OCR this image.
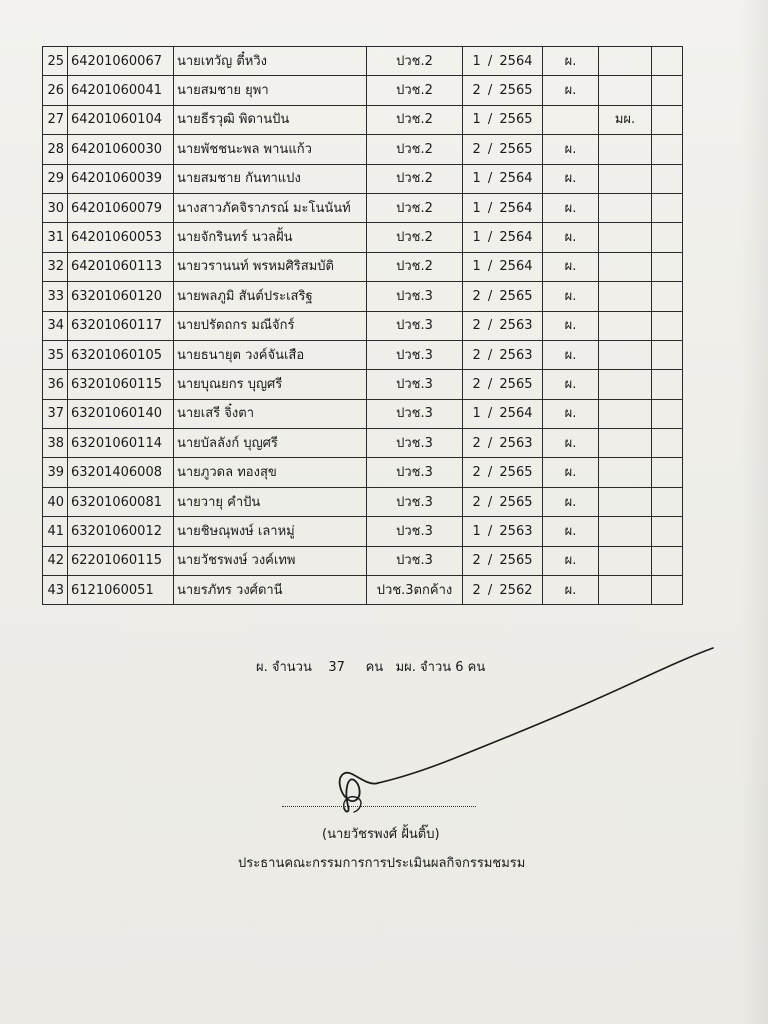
25	64201060067	นายเทวัญ ตี๋หวิง	ปวช.2	1 / 2564	ผ.		
26	64201060041	นายสมชาย ยุพา	ปวช.2	2 / 2565	ผ.		
27	64201060104	นายธีรวุฒิ พิดานปัน	ปวช.2	1 / 2565		มผ.	
28	64201060030	นายพัชชนะพล พานแก้ว	ปวช.2	2 / 2565	ผ.		
29	64201060039	นายสมชาย กันทาแปง	ปวช.2	1 / 2564	ผ.		
30	64201060079	นางสาวภัคจิราภรณ์ มะโนนันท์	ปวช.2	1 / 2564	ผ.		
31	64201060053	นายจักรินทร์ นวลฝั้น	ปวช.2	1 / 2564	ผ.		
32	64201060113	นายวรานนท์ พรหมศิริสมบัติ	ปวช.2	1 / 2564	ผ.		
33	63201060120	นายพลภูมิ สันต์ประเสริฐ	ปวช.3	2 / 2565	ผ.		
34	63201060117	นายปรัตถกร มณีจักร์	ปวช.3	2 / 2563	ผ.		
35	63201060105	นายธนายุต วงค์จันเสือ	ปวช.3	2 / 2563	ผ.		
36	63201060115	นายบุณยกร บุญศรี	ปวช.3	2 / 2565	ผ.		
37	63201060140	นายเสรี จิ๋งตา	ปวช.3	1 / 2564	ผ.		
38	63201060114	นายบัลลังก์ บุญศรี	ปวช.3	2 / 2563	ผ.		
39	63201406008	นายภูวดล ทองสุข	ปวช.3	2 / 2565	ผ.		
40	63201060081	นายวายุ คำปัน	ปวช.3	2 / 2565	ผ.		
41	63201060012	นายชิษณุพงษ์ เลาหมู่	ปวช.3	1 / 2563	ผ.		
42	62201060115	นายวัชรพงษ์ วงค์เทพ	ปวช.3	2 / 2565	ผ.		
43	6121060051	นายรภัทร วงศ์ดานี	ปวช.3ตกค้าง	2 / 2562	ผ.		
ผ. จำนวน    37     คน   มผ. จำวน 6 คน
(นายวัชรพงศ์ ฝั้นติ๊บ)
ประธานคณะกรรมการการประเมินผลกิจกรรมชมรม
